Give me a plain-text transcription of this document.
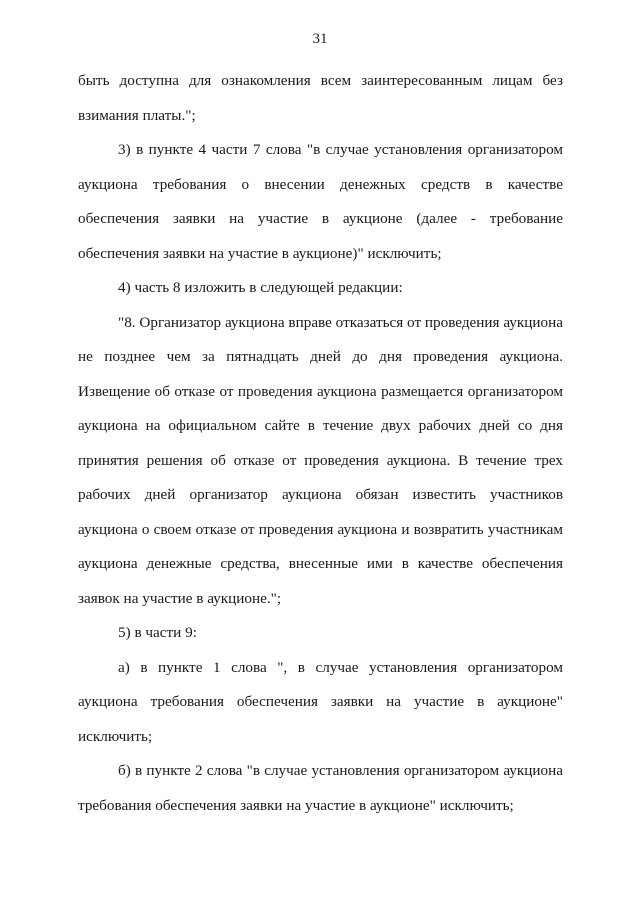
31

быть доступна для ознакомления всем заинтересованным лицам без взимания платы.";

3) в пункте 4 части 7 слова "в случае установления организатором аукциона требования о внесении денежных средств в качестве обеспечения заявки на участие в аукционе (далее - требование обеспечения заявки на участие в аукционе)" исключить;

4) часть 8 изложить в следующей редакции:

"8. Организатор аукциона вправе отказаться от проведения аукциона не позднее чем за пятнадцать дней до дня проведения аукциона. Извещение об отказе от проведения аукциона размещается организатором аукциона на официальном сайте в течение двух рабочих дней со дня принятия решения об отказе от проведения аукциона. В течение трех рабочих дней организатор аукциона обязан известить участников аукциона о своем отказе от проведения аукциона и возвратить участникам аукциона денежные средства, внесенные ими в качестве обеспечения заявок на участие в аукционе.";

5) в части 9:

а) в пункте 1 слова ", в случае установления организатором аукциона требования обеспечения заявки на участие в аукционе" исключить;

б) в пункте 2 слова "в случае установления организатором аукциона требования обеспечения заявки на участие в аукционе" исключить;
